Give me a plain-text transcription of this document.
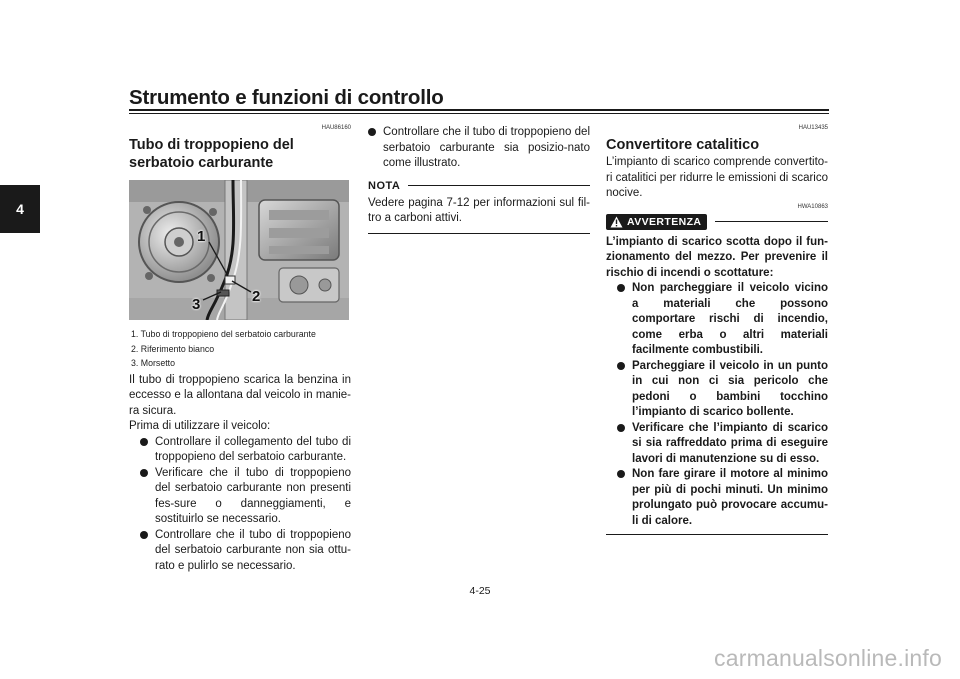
Strumento e funzioni di controllo
4
HAU86160
Tubo di troppopieno del serbatoio carburante
1
2
3
1. Tubo di troppopieno del serbatoio carburante
2. Riferimento bianco
3. Morsetto

Il tubo di troppopieno scarica la benzina in eccesso e la allontana dal veicolo in manie-ra sicura.

Prima di utilizzare il veicolo:

Controllare il collegamento del tubo di troppopieno del serbatoio carburante.
Verificare che il tubo di troppopieno del serbatoio carburante non presenti fes-sure o danneggiamenti, e sostituirlo se necessario.
Controllare che il tubo di troppopieno del serbatoio carburante non sia ottu-rato e pulirlo se necessario.
Controllare che il tubo di troppopieno del serbatoio carburante sia posizio-nato come illustrato.
NOTA

Vedere pagina 7-12 per informazioni sul fil-tro a carboni attivi.

HAU13435
Convertitore catalitico

L’impianto di scarico comprende convertito-ri catalitici per ridurre le emissioni di scarico nocive.

HWA10863
AVVERTENZA

L’impianto di scarico scotta dopo il fun-zionamento del mezzo. Per prevenire il rischio di incendi o scottature:

Non parcheggiare il veicolo vicino a materiali che possono comportare rischi di incendio, come erba o altri materiali facilmente combustibili.
Parcheggiare il veicolo in un punto in cui non ci sia pericolo che pedoni o bambini tocchino l’impianto di scarico bollente.
Verificare che l’impianto di scarico si sia raffreddato prima di eseguire lavori di manutenzione su di esso.
Non fare girare il motore al minimo per più di pochi minuti. Un minimo prolungato può provocare accumu-li di calore.
4-25
carmanualsonline.info
